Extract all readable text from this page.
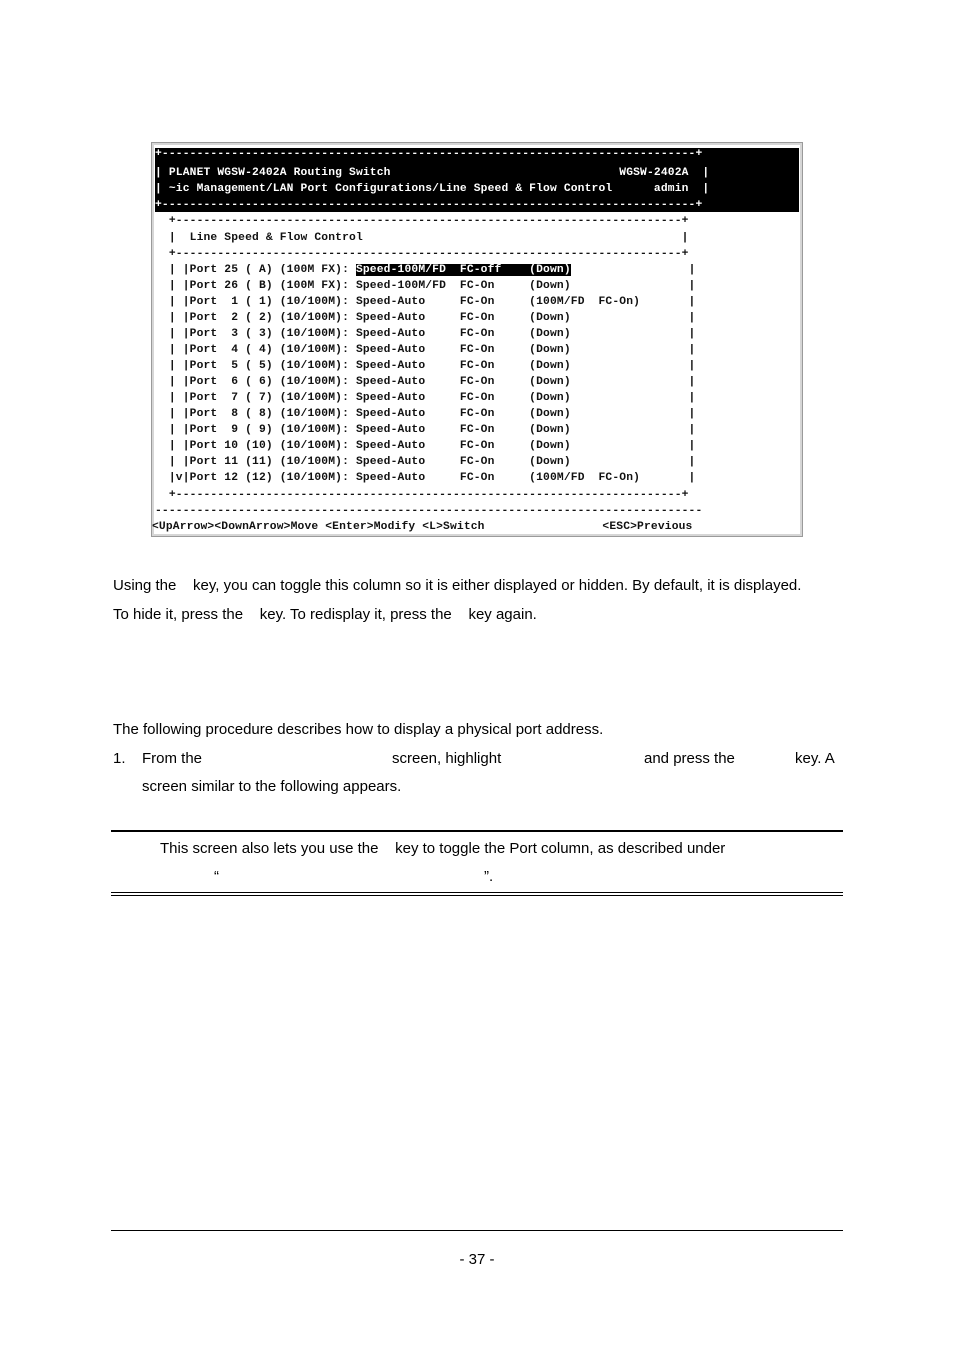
+-----------------------------------------------------------------------------+
| PLANET WGSW-2402A Routing Switch                                 WGSW-2402A  |
| ~ic Management/LAN Port Configurations/Line Speed & Flow Control      admin  |
+-----------------------------------------------------------------------------+
+-------------------------------------------------------------------------+
|  Line Speed & Flow Control                                              |
+-------------------------------------------------------------------------+
| |Port 25 ( A) (100M FX): Speed-100M/FD  FC-off    (Down)                 |
| |Port 26 ( B) (100M FX): Speed-100M/FD  FC-On     (Down)                 |
| |Port  1 ( 1) (10/100M): Speed-Auto     FC-On     (100M/FD  FC-On)       |
| |Port  2 ( 2) (10/100M): Speed-Auto     FC-On     (Down)                 |
| |Port  3 ( 3) (10/100M): Speed-Auto     FC-On     (Down)                 |
| |Port  4 ( 4) (10/100M): Speed-Auto     FC-On     (Down)                 |
| |Port  5 ( 5) (10/100M): Speed-Auto     FC-On     (Down)                 |
| |Port  6 ( 6) (10/100M): Speed-Auto     FC-On     (Down)                 |
| |Port  7 ( 7) (10/100M): Speed-Auto     FC-On     (Down)                 |
| |Port  8 ( 8) (10/100M): Speed-Auto     FC-On     (Down)                 |
| |Port  9 ( 9) (10/100M): Speed-Auto     FC-On     (Down)                 |
| |Port 10 (10) (10/100M): Speed-Auto     FC-On     (Down)                 |
| |Port 11 (11) (10/100M): Speed-Auto     FC-On     (Down)                 |
|v|Port 12 (12) (10/100M): Speed-Auto     FC-On     (100M/FD  FC-On)       |
+-------------------------------------------------------------------------+
-------------------------------------------------------------------------------
<UpArrow><DownArrow>Move <Enter>Modify <L>Switch                 <ESC>Previous
Using the    key, you can toggle this column so it is either displayed or hidden. By default, it is displayed.
To hide it, press the    key. To redisplay it, press the    key again.
The following procedure describes how to display a physical port address.
1. From the	screen, highlight	and press the	key. A
screen similar to the following appears.
This screen also lets you use the    key to toggle the Port column, as described under
“	”.
- 37 -
